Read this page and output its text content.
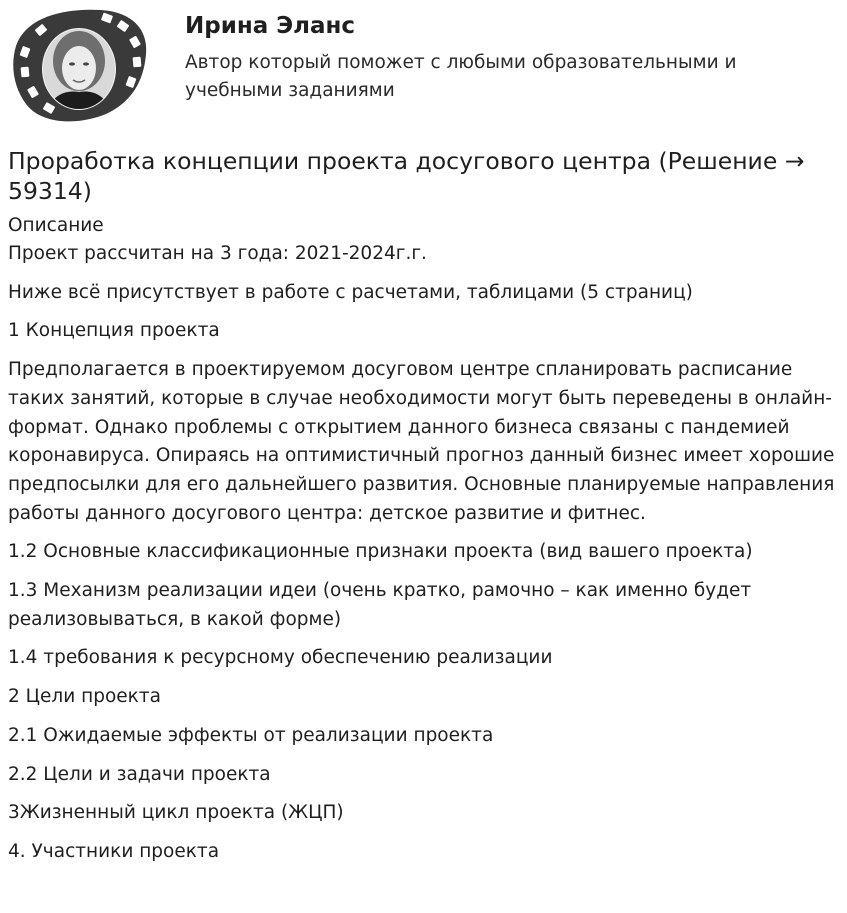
Ирина Эланс
Автор который поможет с любыми образовательными и учебными заданиями
Проработка концепции проекта досугового центра (Решение → 59314)
Описание

Проект рассчитан на 3 года: 2021-2024г.г.

Ниже всё присутствует в работе с расчетами, таблицами (5 страниц)

1 Концепция проекта

Предполагается в проектируемом досуговом центре спланировать расписание таких занятий, которые в случае необходимости могут быть переведены в онлайн-формат. Однако проблемы с открытием данного бизнеса связаны с пандемией коронавируса. Опираясь на оптимистичный прогноз данный бизнес имеет хорошие предпосылки для его дальнейшего развития. Основные планируемые направления работы данного досугового центра: детское развитие и фитнес.

1.2 Основные классификационные признаки проекта (вид вашего проекта)

1.3 Механизм реализации идеи (очень кратко, рамочно – как именно будет реализовываться, в какой форме)

1.4 требования к ресурсному обеспечению реализации

2 Цели проекта

2.1 Ожидаемые эффекты от реализации проекта

2.2 Цели и задачи проекта

3Жизненный цикл проекта (ЖЦП)

4. Участники проекта
